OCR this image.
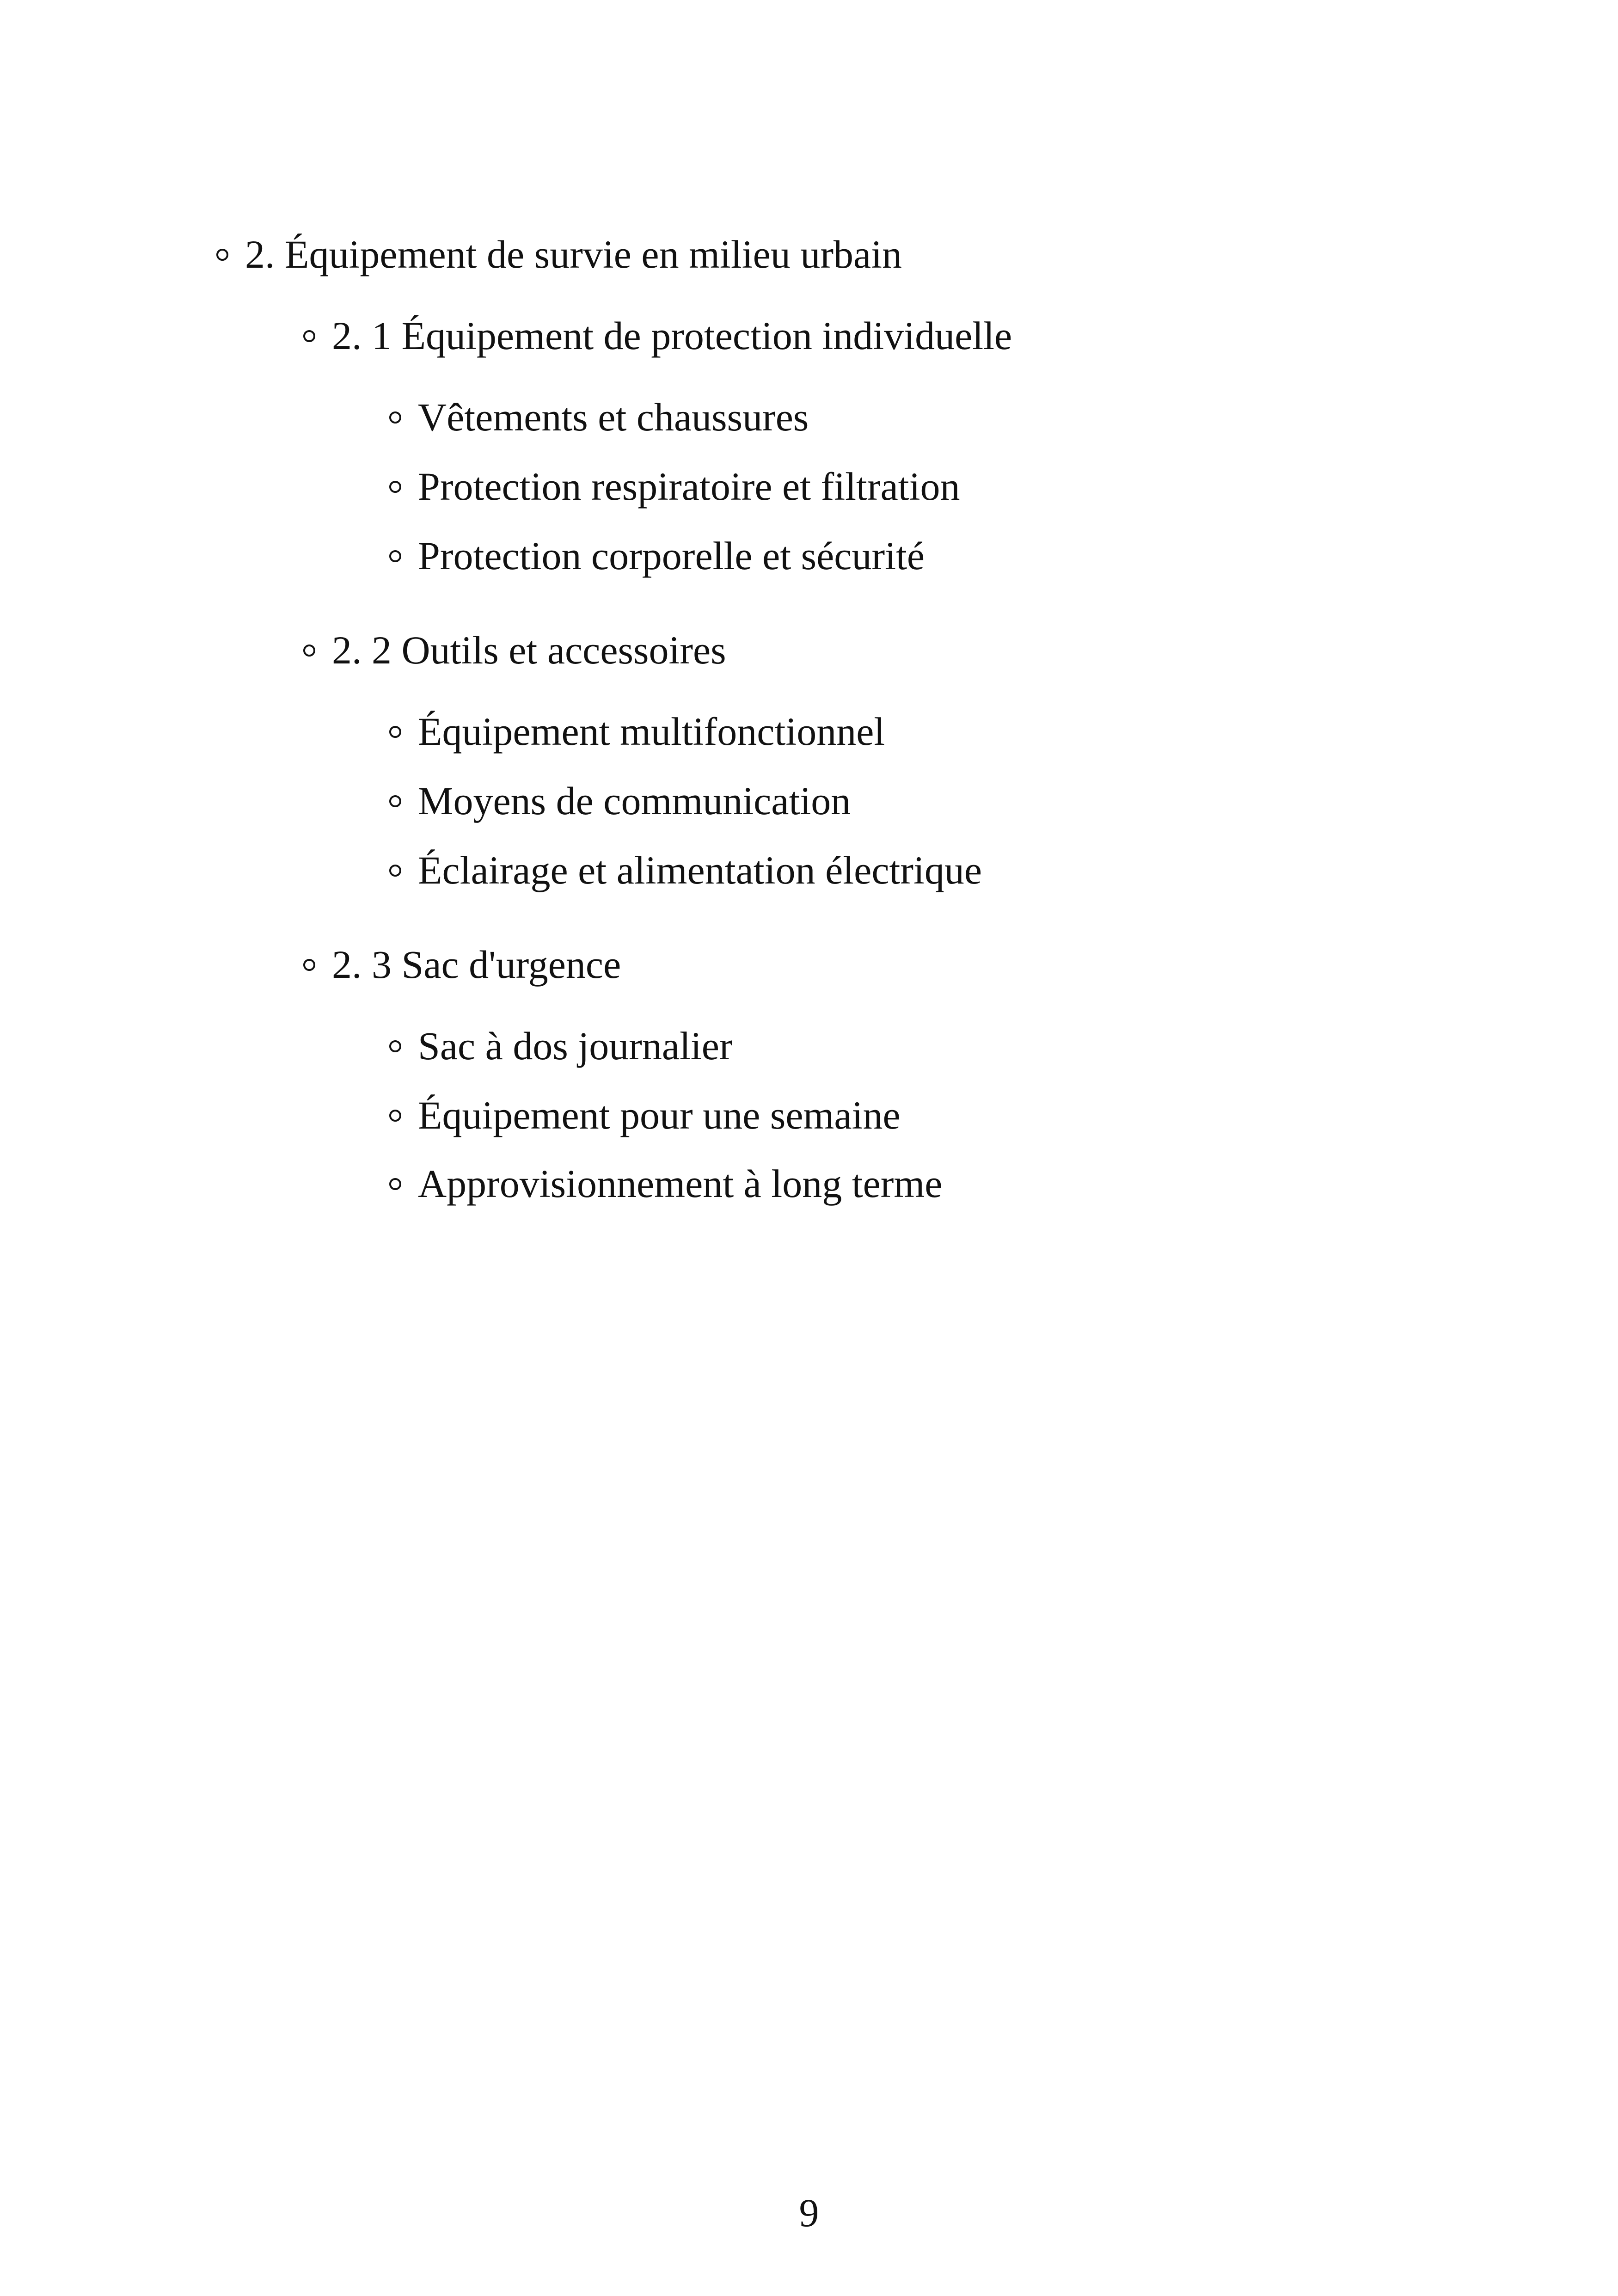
2. Équipement de survie en milieu urbain
2. 1 Équipement de protection individuelle
Vêtements et chaussures
Protection respiratoire et filtration
Protection corporelle et sécurité
2. 2 Outils et accessoires
Équipement multifonctionnel
Moyens de communication
Éclairage et alimentation électrique
2. 3 Sac d'urgence
Sac à dos journalier
Équipement pour une semaine
Approvisionnement à long terme
9
